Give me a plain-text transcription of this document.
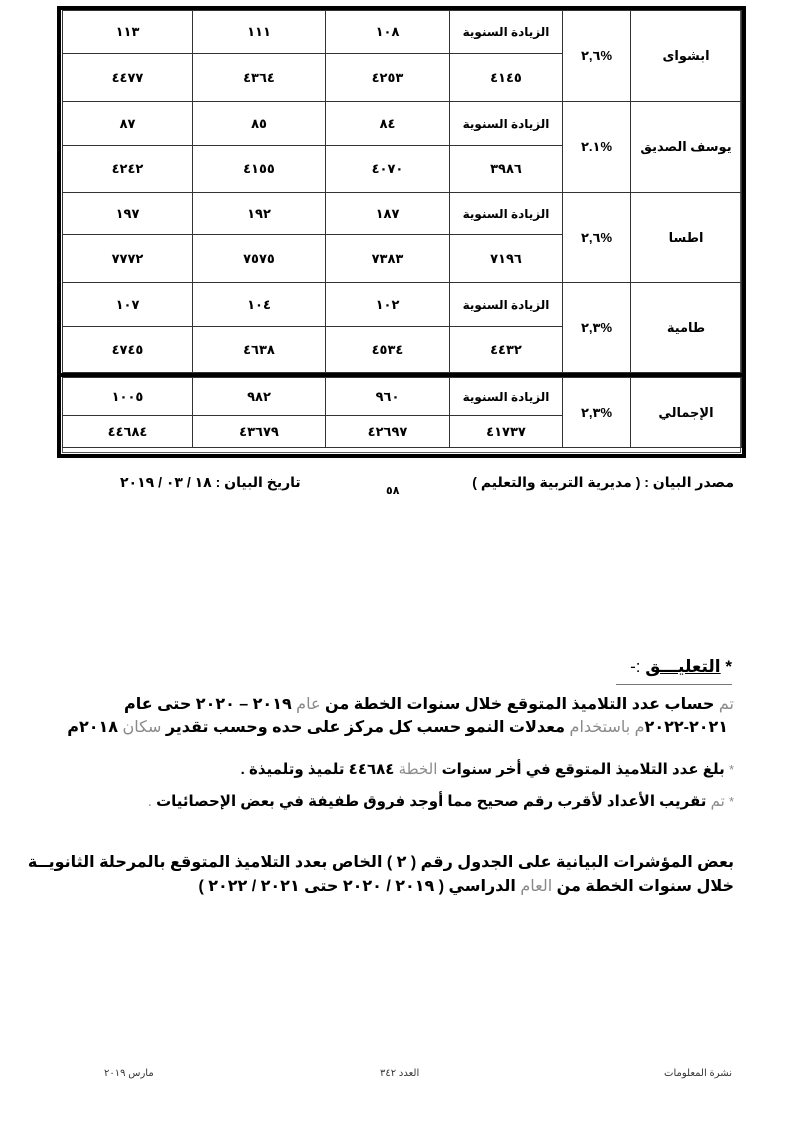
ابشواى	%٢,٦	الزيادة السنوية	١٠٨	١١١	١١٣
		٤١٤٥	٤٢٥٣	٤٣٦٤	٤٤٧٧
يوسف الصديق	%٢.١	الزيادة السنوية	٨٤	٨٥	٨٧
		٣٩٨٦	٤٠٧٠	٤١٥٥	٤٢٤٢
اطسا	%٢,٦	الزيادة السنوية	١٨٧	١٩٢	١٩٧
		٧١٩٦	٧٣٨٣	٧٥٧٥	٧٧٧٢
طامية	%٢,٣	الزيادة السنوية	١٠٢	١٠٤	١٠٧
		٤٤٣٢	٤٥٣٤	٤٦٣٨	٤٧٤٥

الإجمالي	%٢,٣	الزيادة السنوية	٩٦٠	٩٨٢	١٠٠٥
		٤١٧٣٧	٤٢٦٩٧	٤٣٦٧٩	٤٤٦٨٤
مصدر البيان : ( مديرية التربية والتعليم )
تاريخ البيان : ١٨ / ٠٣ / ٢٠١٩
٥٨
* التعليـــق :-
تم حساب عدد التلاميذ المتوقع خلال سنوات الخطة من عام ٢٠١٩ – ٢٠٢٠ حتى عام
٢٠٢١-٢٠٢٢م باستخدام معدلات النمو حسب كل مركز على حده وحسب تقدير سكان ٢٠١٨م
* بلغ عدد التلاميذ المتوقع في أخر سنوات الخطة ٤٤٦٨٤ تلميذ وتلميذة .
* تم تقريب الأعداد لأقرب رقم صحيح مما أوجد فروق طفيفة في بعض الإحصائيات .
بعض المؤشرات البيانية على الجدول رقم ( ٢ ) الخاص بعدد التلاميذ المتوقع بالمرحلة الثانويــة
خلال سنوات الخطة من العام الدراسي ( ٢٠١٩ / ٢٠٢٠ حتى ٢٠٢١ / ٢٠٢٢ )
نشرة المعلومات
العدد ٣٤٢
مارس ٢٠١٩
